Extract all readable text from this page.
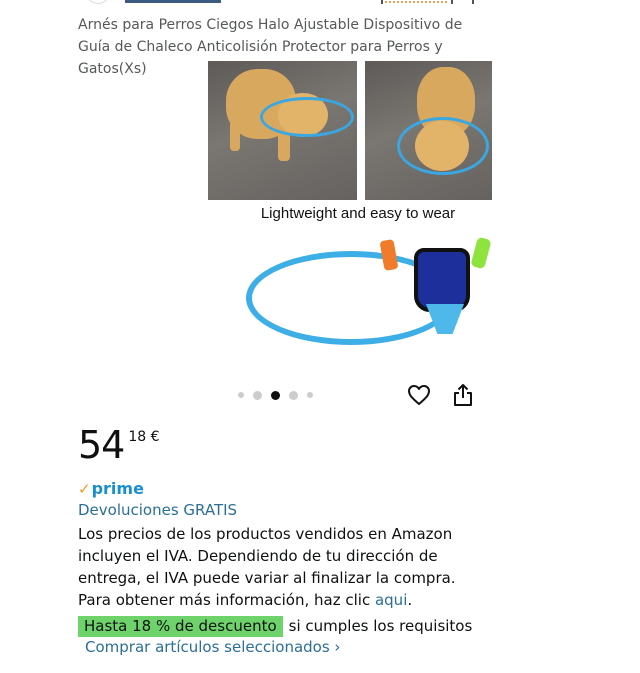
Arnés para Perros Ciegos Halo Ajustable Dispositivo de Guía de Chaleco Anticolisión Protector para Perros y Gatos(Xs)
Lightweight and easy to wear
54 18 €
✓ prime
Devoluciones GRATIS
Los precios de los productos vendidos en Amazon incluyen el IVA. Dependiendo de tu dirección de entrega, el IVA puede variar al finalizar la compra. Para obtener más información, haz clic aqui.
Hasta 18 % de descuento si cumples los requisitos
Comprar artículos seleccionados ›
